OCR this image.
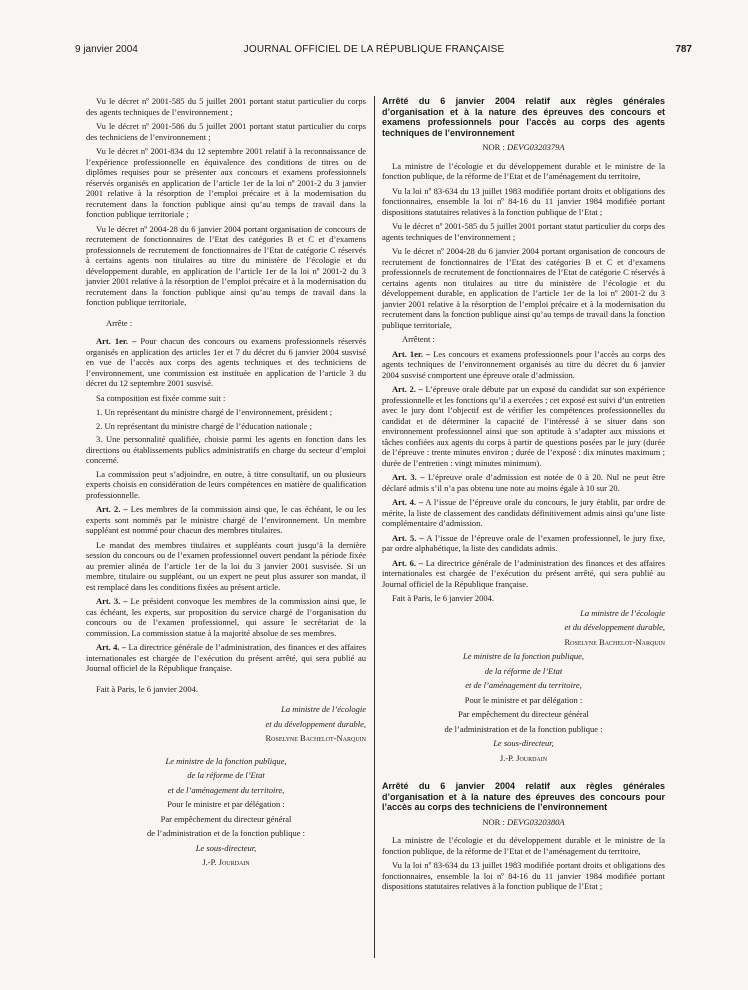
9 janvier 2004	JOURNAL OFFICIEL DE LA RÉPUBLIQUE FRANÇAISE	787

Vu le décret nº 2001-585 du 5 juillet 2001 portant statut particulier du corps des agents techniques de l’environnement ;

Vu le décret nº 2001-586 du 5 juillet 2001 portant statut particulier du corps des techniciens de l’environnement ;

Vu le décret nº 2001-834 du 12 septembre 2001 relatif à la reconnaissance de l’expérience professionnelle en équivalence des conditions de titres ou de diplômes requises pour se présenter aux concours et examens professionnels réservés organisés en application de l’article 1er de la loi nº 2001-2 du 3 janvier 2001 relative à la résorption de l’emploi précaire et à la modernisation du recrutement dans la fonction publique ainsi qu’au temps de travail dans la fonction publique territoriale ;

Vu le décret nº 2004-28 du 6 janvier 2004 portant organisation de concours de recrutement de fonctionnaires de l’Etat des catégories B et C et d’examens professionnels de recrutement de fonctionnaires de l’Etat de catégorie C réservés à certains agents non titulaires au titre du ministère de l’écologie et du développement durable, en application de l’article 1er de la loi nº 2001-2 du 3 janvier 2001 relative à la résorption de l’emploi précaire et à la modernisation du recrutement dans la fonction publique ainsi qu’au temps de travail dans la fonction publique territoriale,

Arrête :

Art. 1er. – Pour chacun des concours ou examens professionnels réservés organisés en application des articles 1er et 7 du décret du 6 janvier 2004 susvisé en vue de l’accès aux corps des agents techniques et des techniciens de l’environnement, une commission est instituée en application de l’article 3 du décret du 12 septembre 2001 susvisé.

Sa composition est fixée comme suit :

1. Un représentant du ministre chargé de l’environnement, président ;

2. Un représentant du ministre chargé de l’éducation nationale ;

3. Une personnalité qualifiée, choisie parmi les agents en fonction dans les directions ou établissements publics administratifs en charge du secteur d’emploi concerné.

La commission peut s’adjoindre, en outre, à titre consultatif, un ou plusieurs experts choisis en considération de leurs compétences en matière de qualification professionnelle.

Art. 2. – Les membres de la commission ainsi que, le cas échéant, le ou les experts sont nommés par le ministre chargé de l’environnement. Un membre suppléant est nommé pour chacun des membres titulaires.

Le mandat des membres titulaires et suppléants court jusqu’à la dernière session du concours ou de l’examen professionnel ouvert pendant la période fixée au premier alinéa de l’article 1er de la loi du 3 janvier 2001 susvisée. Si un membre, titulaire ou suppléant, ou un expert ne peut plus assurer son mandat, il est remplacé dans les conditions fixées au présent article.

Art. 3. – Le président convoque les membres de la commission ainsi que, le cas échéant, les experts, sur proposition du service chargé de l’organisation du concours ou de l’examen professionnel, qui assure le secrétariat de la commission. La commission statue à la majorité absolue de ses membres.

Art. 4. – La directrice générale de l’administration, des finances et des affaires internationales est chargée de l’exécution du présent arrêté, qui sera publié au Journal officiel de la République française.

Fait à Paris, le 6 janvier 2004.

La ministre de l’écologie

et du développement durable,

Roselyne Bachelot-Narquin

Le ministre de la fonction publique,

de la réforme de l’Etat

et de l’aménagement du territoire,

Pour le ministre et par délégation :

Par empêchement du directeur général

de l’administration et de la fonction publique :

Le sous-directeur,

J.-P. Jourdain

Arrêté du 6 janvier 2004 relatif aux règles générales d’organisation et à la nature des épreuves des concours et examens professionnels pour l’accès au corps des agents techniques de l’environnement

NOR : DEVG0320379A

La ministre de l’écologie et du développement durable et le ministre de la fonction publique, de la réforme de l’Etat et de l’aménagement du territoire,

Vu la loi nº 83-634 du 13 juillet 1983 modifiée portant droits et obligations des fonctionnaires, ensemble la loi nº 84-16 du 11 janvier 1984 modifiée portant dispositions statutaires relatives à la fonction publique de l’Etat ;

Vu le décret nº 2001-585 du 5 juillet 2001 portant statut particulier du corps des agents techniques de l’environnement ;

Vu le décret nº 2004-28 du 6 janvier 2004 portant organisation de concours de recrutement de fonctionnaires de l’Etat des catégories B et C et d’examens professionnels de recrutement de fonctionnaires de l’Etat de catégorie C réservés à certains agents non titulaires au titre du ministère de l’écologie et du développement durable, en application de l’article 1er de la loi nº 2001-2 du 3 janvier 2001 relative à la résorption de l’emploi précaire et à la modernisation du recrutement dans la fonction publique ainsi qu’au temps de travail dans la fonction publique territoriale,

Arrêtent :

Art. 1er. – Les concours et examens professionnels pour l’accès au corps des agents techniques de l’environnement organisés au titre du décret du 6 janvier 2004 susvisé comportent une épreuve orale d’admission.

Art. 2. – L’épreuve orale débute par un exposé du candidat sur son expérience professionnelle et les fonctions qu’il a exercées ; cet exposé est suivi d’un entretien avec le jury dont l’objectif est de vérifier les compétences professionnelles du candidat et de déterminer la capacité de l’intéressé à se situer dans son environnement professionnel ainsi que son aptitude à s’adapter aux missions et tâches confiées aux agents du corps à partir de questions posées par le jury (durée de l’épreuve : trente minutes environ ; durée de l’exposé : dix minutes maximum ; durée de l’entretien : vingt minutes minimum).

Art. 3. – L’épreuve orale d’admission est notée de 0 à 20. Nul ne peut être déclaré admis s’il n’a pas obtenu une note au moins égale à 10 sur 20.

Art. 4. – A l’issue de l’épreuve orale du concours, le jury établit, par ordre de mérite, la liste de classement des candidats définitivement admis ainsi qu’une liste complémentaire d’admission.

Art. 5. – A l’issue de l’épreuve orale de l’examen professionnel, le jury fixe, par ordre alphabétique, la liste des candidats admis.

Art. 6. – La directrice générale de l’administration des finances et des affaires internationales est chargée de l’exécution du présent arrêté, qui sera publié au Journal officiel de la République française.

Fait à Paris, le 6 janvier 2004.

La ministre de l’écologie

et du développement durable,

Roselyne Bachelot-Narquin

Le ministre de la fonction publique,

de la réforme de l’Etat

et de l’aménagement du territoire,

Pour le ministre et par délégation :

Par empêchement du directeur général

de l’administration et de la fonction publique :

Le sous-directeur,

J.-P. Jourdain

Arrêté du 6 janvier 2004 relatif aux règles générales d’organisation et à la nature des épreuves des concours pour l’accès au corps des techniciens de l’environnement

NOR : DEVG0320380A

La ministre de l’écologie et du développement durable et le ministre de la fonction publique, de la réforme de l’Etat et de l’aménagement du territoire,

Vu la loi nº 83-634 du 13 juillet 1983 modifiée portant droits et obligations des fonctionnaires, ensemble la loi nº 84-16 du 11 janvier 1984 modifiée portant dispositions statutaires relatives à la fonction publique de l’Etat ;
